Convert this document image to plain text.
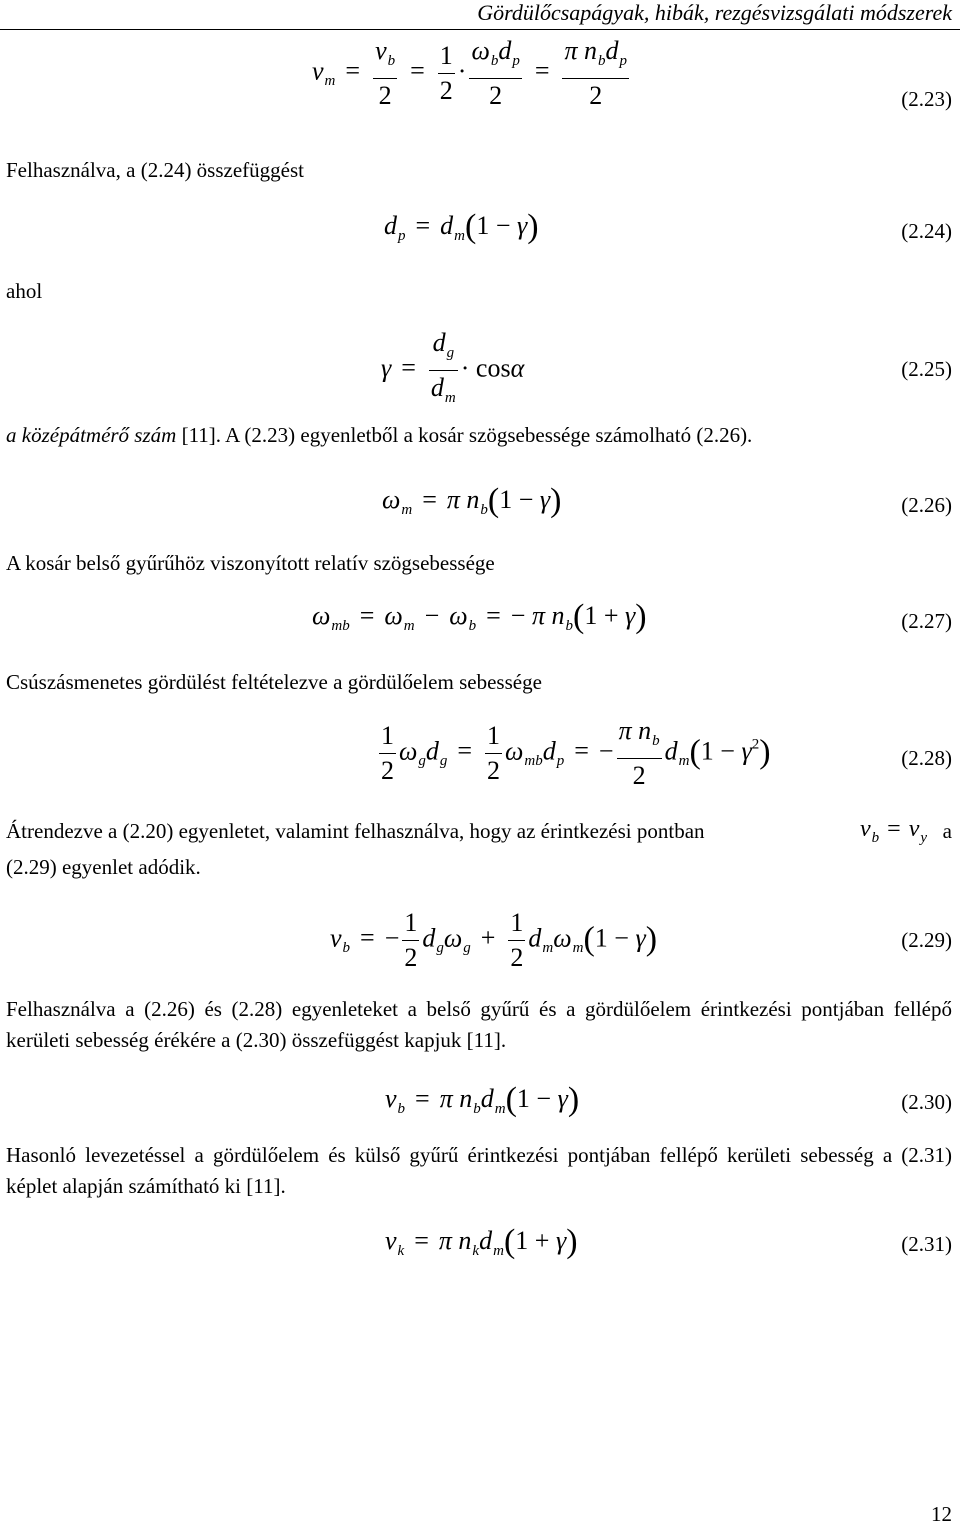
Gördülőcsapágyak, hibák, rezgésvizsgálati módszerek
$v_m = \frac{v_b}{2} = \frac{1}{2} \cdot \frac{\omega_bd_p}{2} = \frac{\pi n_bd_p}{2}$	(2.23)
Felhasználva, a (2.24) összefüggést
$d_p = d_m(1 - \gamma)$	(2.24)
ahol
$\gamma = \frac{d_g}{d_m} \cdot \cos\alpha$	(2.25)
a középátmérő szám [11]. A (2.23) egyenletből a kosár szögsebessége számolható (2.26).
$\omega_m = \pi$ $n_b(1 - \gamma)$	(2.26)
A kosár belső gyűrűhöz viszonyított relatív szögsebessége
$\omega_{mb} = \omega_m - \omega_b$ = − π $n_b(1 + \gamma)$	(2.27)
Csúszásmenetes gördülést feltételezve a gördülőelem sebessége
$\frac{1}{2} \omega_gd_g = \frac{1}{2} \omega_{mb}d_p$ = − $\frac{\pi n_b}{2} d_m(1 - \gamma^2)$	(2.28)
Átrendezve a (2.20) egyenletet, valamint felhasználva, hogy az érintkezési pontban	$v_b = v_y$ a
(2.29) egyenlet adódik.
$v_b$ = − $\frac{1}{2} d_g\omega_g + \frac{1}{2} d_m\omega_m(1 - \gamma)$	(2.29)
Felhasználva a (2.26) és (2.28) egyenleteket a belső gyűrű és a gördülőelem érintkezési pontjában fellépő kerületi sebesség érékére a (2.30) összefüggést kapjuk [11].
$v_b = \pi$ $n_bd_m(1 - \gamma)$	(2.30)
Hasonló levezetéssel a gördülőelem és külső gyűrű érintkezési pontjában fellépő kerületi sebesség a (2.31) képlet alapján számítható ki [11].
$v_k = \pi$ $n_kd_m(1 + \gamma)$	(2.31)
12
